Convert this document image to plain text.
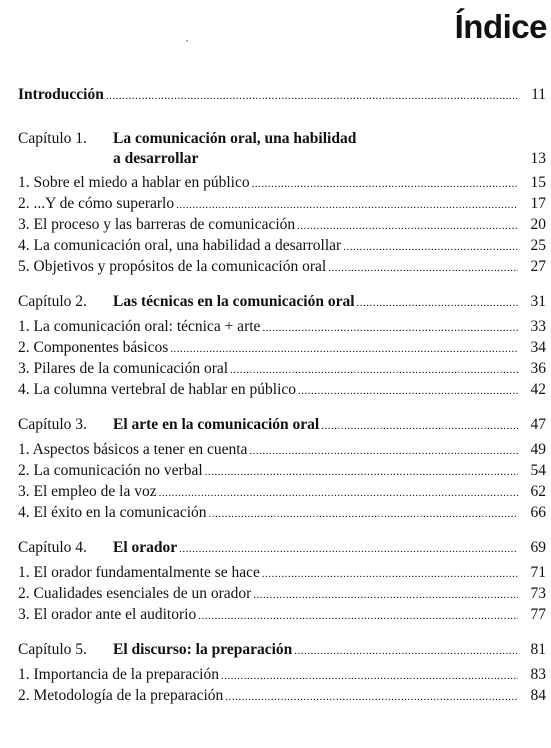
Índice
Introducción .....	11
Capítulo 1.	La comunicación oral, una habilidad
a desarrollar	13
1. Sobre el miedo a hablar en público .....	15
2. ...Y de cómo superarlo .....	17
3. El proceso y las barreras de comunicación .....	20
4. La comunicación oral, una habilidad a desarrollar .....	25
5. Objetivos y propósitos de la comunicación oral .....	27
Capítulo 2. Las técnicas en la comunicación oral .....	31
1. La comunicación oral: técnica + arte .....	33
2. Componentes básicos .....	34
3. Pilares de la comunicación oral .....	36
4. La columna vertebral de hablar en público .....	42
Capítulo 3. El arte en la comunicación oral .....	47
1. Aspectos básicos a tener en cuenta .....	49
2. La comunicación no verbal .....	54
3. El empleo de la voz .....	62
4. El éxito en la comunicación .....	66
Capítulo 4. El orador .....	69
1. El orador fundamentalmente se hace .....	71
2. Cualidades esenciales de un orador .....	73
3. El orador ante el auditorio .....	77
Capítulo 5. El discurso: la preparación .....	81
1. Importancia de la preparación .....	83
2. Metodología de la preparación .....	84
